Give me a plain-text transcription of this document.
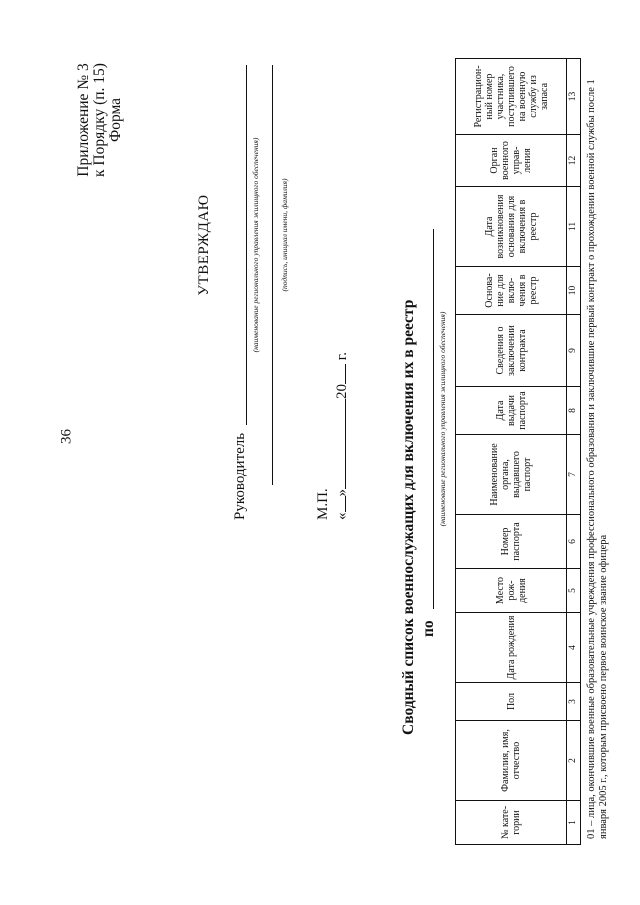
36
Приложение № 3 к Порядку (п. 15) Форма
УТВЕРЖДАЮ
Руководитель
(наименование регионального управления жилищного обеспечения)	(подпись, инициал имени, фамилия)
М.П. «»20 г.	Сводный список военнослужащих для включения их в реестр по
(наименование регионального управления жилищного обеспечения)
№ кате-гории	Фамилия, имя, отчество	Пол	Дата рождения	Место рож-дения	Номер паспорта	Наименование органа, выдавшего паспорт	Дата выдачи паспорта	Сведения о заключении контракта	Основа-ние для вклю-чения в реестр	Дата возникновения основания для включения в реестр	Орган военного управ-ления	Регистрацион-ный номер участника, поступившего на военную службу из запаса
1	2	3	4	5	6	7	8	9	10	11	12	13 01 – лица, окончившие военные образовательные учреждения профессионального образования и заключившие первый контракт о прохождении военной службы после 1 января 2005 г., которым присвоено первое воинское звание офицера
